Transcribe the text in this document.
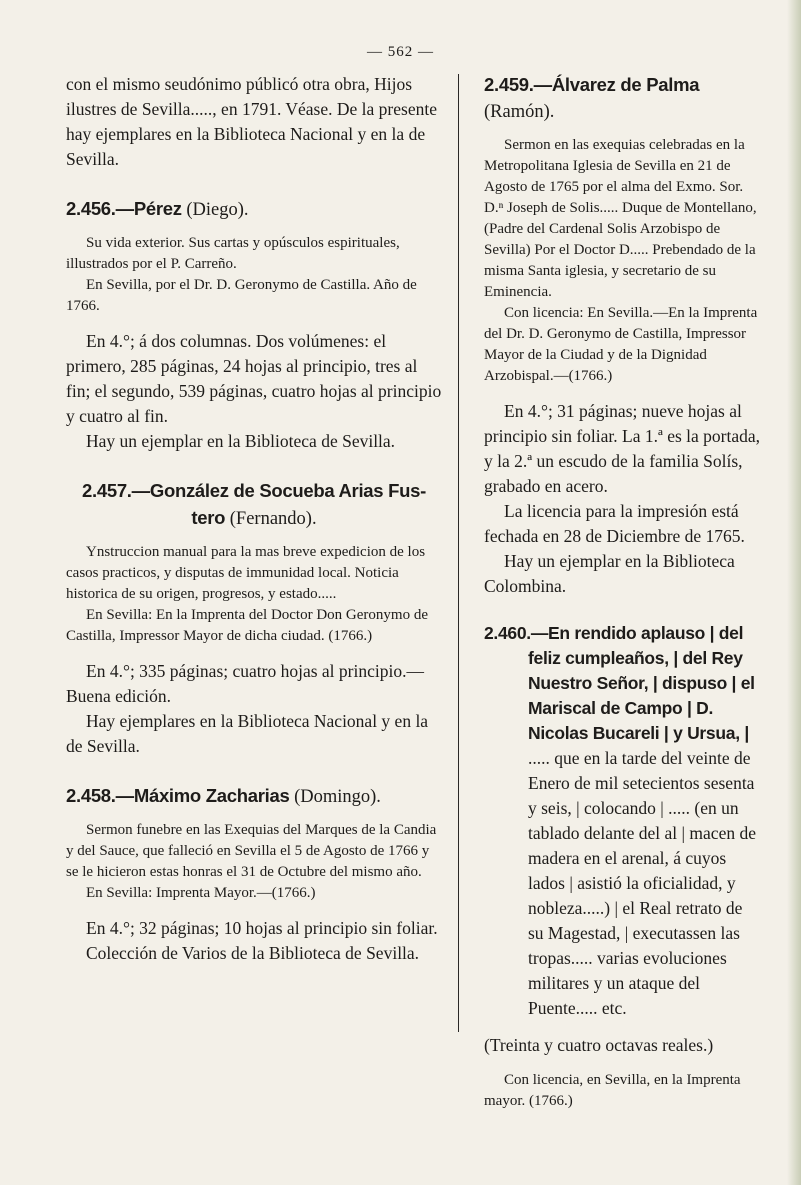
— 562 —

con el mismo seudónimo públicó otra obra, Hijos ilustres de Sevilla....., en 1791. Véase. De la presente hay ejemplares en la Biblioteca Nacional y en la de Sevilla.

2.456.—Pérez (Diego).

Su vida exterior. Sus cartas y opúsculos espirituales, illustrados por el P. Carreño.

En Sevilla, por el Dr. D. Geronymo de Castilla. Año de 1766.

En 4.°; á dos columnas. Dos volúmenes: el primero, 285 páginas, 24 hojas al principio, tres al fin; el segundo, 539 páginas, cuatro hojas al principio y cuatro al fin.

Hay un ejemplar en la Biblioteca de Sevilla.

2.457.—González de Socueba Arias Fus-
tero (Fernando).

Ynstruccion manual para la mas breve expedicion de los casos practicos, y disputas de immunidad local. Noticia historica de su origen, progresos, y estado.....

En Sevilla: En la Imprenta del Doctor Don Geronymo de Castilla, Impressor Mayor de dicha ciudad. (1766.)

En 4.°; 335 páginas; cuatro hojas al principio.—Buena edición.

Hay ejemplares en la Biblioteca Nacional y en la de Sevilla.

2.458.—Máximo Zacharias (Domingo).

Sermon funebre en las Exequias del Marques de la Candia y del Sauce, que falleció en Sevilla el 5 de Agosto de 1766 y se le hicieron estas honras el 31 de Octubre del mismo año.

En Sevilla: Imprenta Mayor.—(1766.)

En 4.°; 32 páginas; 10 hojas al principio sin foliar.

Colección de Varios de la Biblioteca de Sevilla.

2.459.—Álvarez de Palma (Ramón).

Sermon en las exequias celebradas en la Metropolitana Iglesia de Sevilla en 21 de Agosto de 1765 por el alma del Exmo. Sor. D.ⁿ Joseph de Solis..... Duque de Montellano, (Padre del Cardenal Solis Arzobispo de Sevilla) Por el Doctor D..... Prebendado de la misma Santa iglesia, y secretario de su Eminencia.

Con licencia: En Sevilla.—En la Imprenta del Dr. D. Geronymo de Castilla, Impressor Mayor de la Ciudad y de la Dignidad Arzobispal.—(1766.)

En 4.°; 31 páginas; nueve hojas al principio sin foliar. La 1.ª es la portada, y la 2.ª un escudo de la familia Solís, grabado en acero.

La licencia para la impresión está fechada en 28 de Diciembre de 1765.

Hay un ejemplar en la Biblioteca Colombina.

2.460.—En rendido aplauso | del feliz cumpleaños, | del Rey Nuestro Señor, | dispuso | el Mariscal de Campo | D. Nicolas Bucareli | y Ursua, | ..... que en la tarde del veinte de Enero de mil setecientos sesenta y seis, | colocando | ..... (en un tablado delante del al | macen de madera en el arenal, á cuyos lados | asistió la oficialidad, y nobleza.....) | el Real retrato de su Magestad, | executassen las tropas..... varias evoluciones militares y un ataque del Puente..... etc.

(Treinta y cuatro octavas reales.)

Con licencia, en Sevilla, en la Imprenta mayor. (1766.)
